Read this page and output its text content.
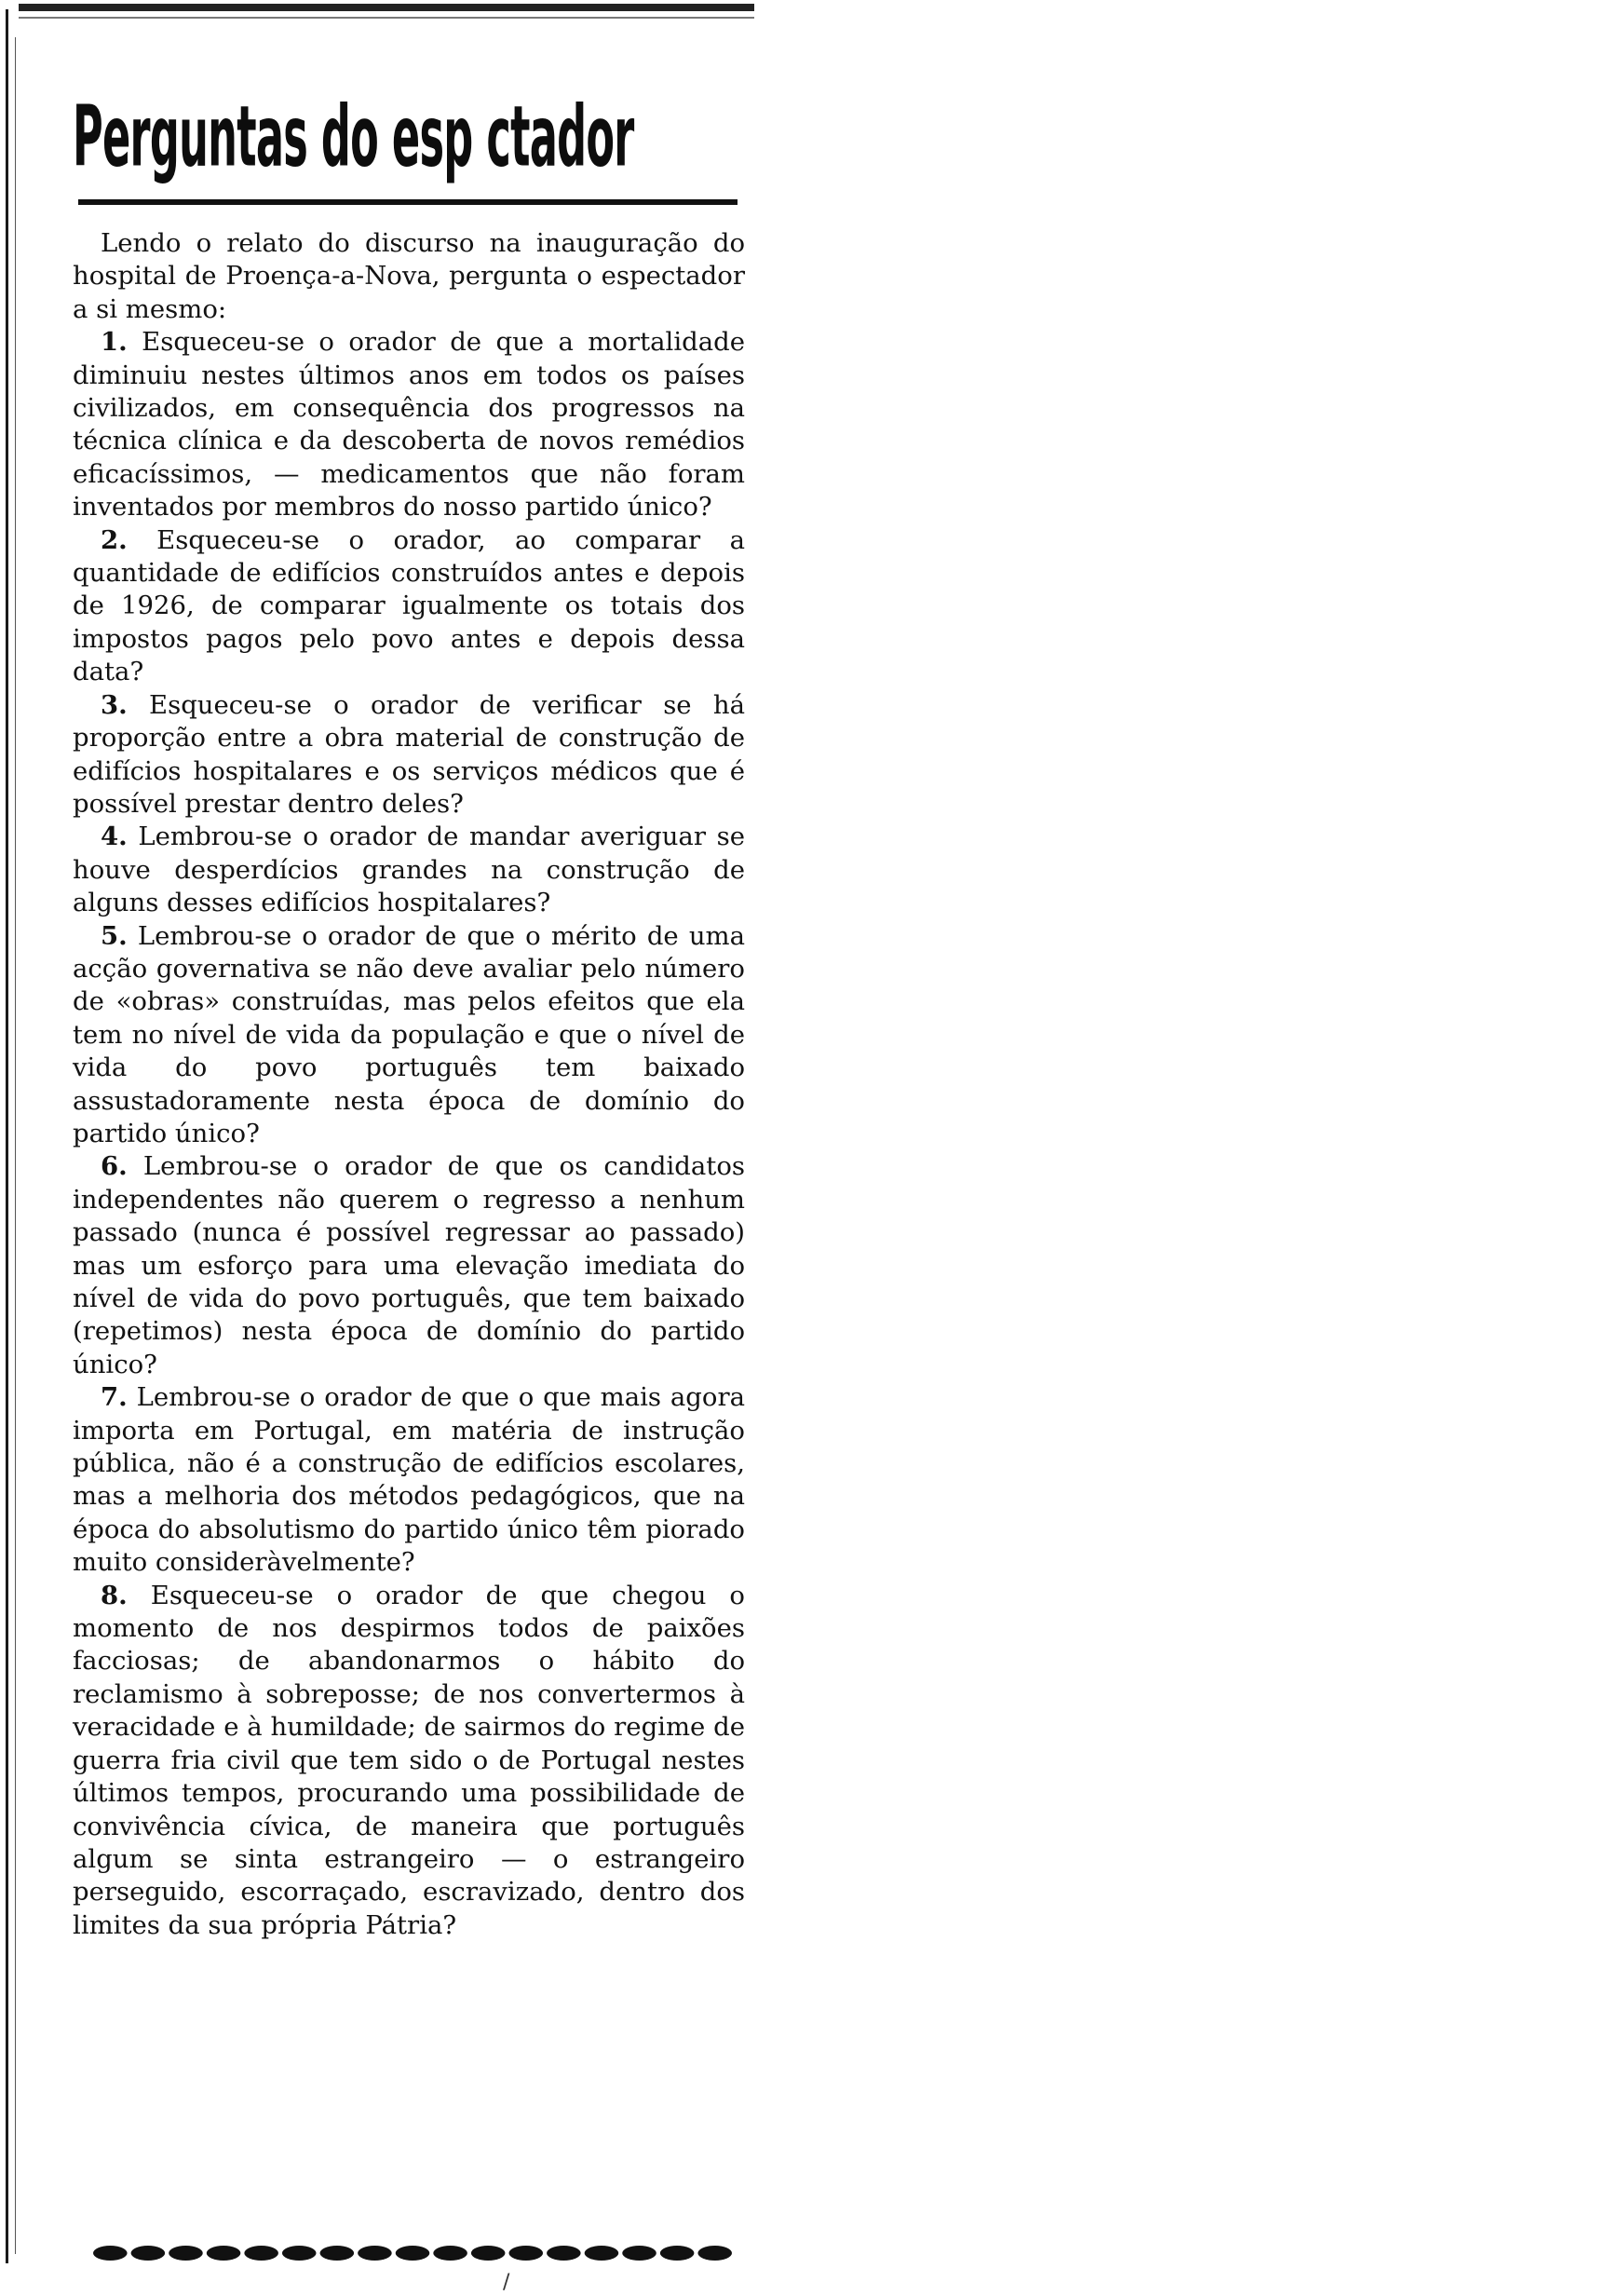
Perguntas do esp ctador

Lendo o relato do discurso na inauguração do hospital de Proença-a-Nova, pergunta o espectador a si mesmo:

1. Esqueceu-se o orador de que a mortalidade diminuiu nestes últimos anos em todos os países civilizados, em consequência dos progressos na técnica clínica e da descoberta de novos remédios eficacíssimos, — medicamentos que não foram inventados por membros do nosso partido único?

2. Esqueceu-se o orador, ao comparar a quantidade de edifícios construídos antes e depois de 1926, de comparar igualmente os totais dos impostos pagos pelo povo antes e depois dessa data?

3. Esqueceu-se o orador de verificar se há proporção entre a obra material de construção de edifícios hospitalares e os serviços médicos que é possível prestar dentro deles?

4. Lembrou-se o orador de mandar averiguar se houve desperdícios grandes na construção de alguns desses edifícios hospitalares?

5. Lembrou-se o orador de que o mérito de uma acção governativa se não deve avaliar pelo número de «obras» construídas, mas pelos efeitos que ela tem no nível de vida da população e que o nível de vida do povo português tem baixado assustadoramente nesta época de domínio do partido único?

6. Lembrou-se o orador de que os candidatos independentes não querem o regresso a nenhum passado (nunca é possível regressar ao passado) mas um esforço para uma elevação imediata do nível de vida do povo português, que tem baixado (repetimos) nesta época de domínio do partido único?

7. Lembrou-se o orador de que o que mais agora importa em Portugal, em matéria de instrução pública, não é a construção de edifícios escolares, mas a melhoria dos métodos pedagógicos, que na época do absolutismo do partido único têm piorado muito consideràvelmente?

8. Esqueceu-se o orador de que chegou o momento de nos despirmos todos de paixões facciosas; de abandonarmos o hábito do reclamismo à sobreposse; de nos convertermos à veracidade e à humildade; de sairmos do regime de guerra fria civil que tem sido o de Portugal nestes últimos tempos, procurando uma possibilidade de convivência cívica, de maneira que português algum se sinta estrangeiro — o estrangeiro perseguido, escorraçado, escravizado, dentro dos limites da sua própria Pátria?

/
